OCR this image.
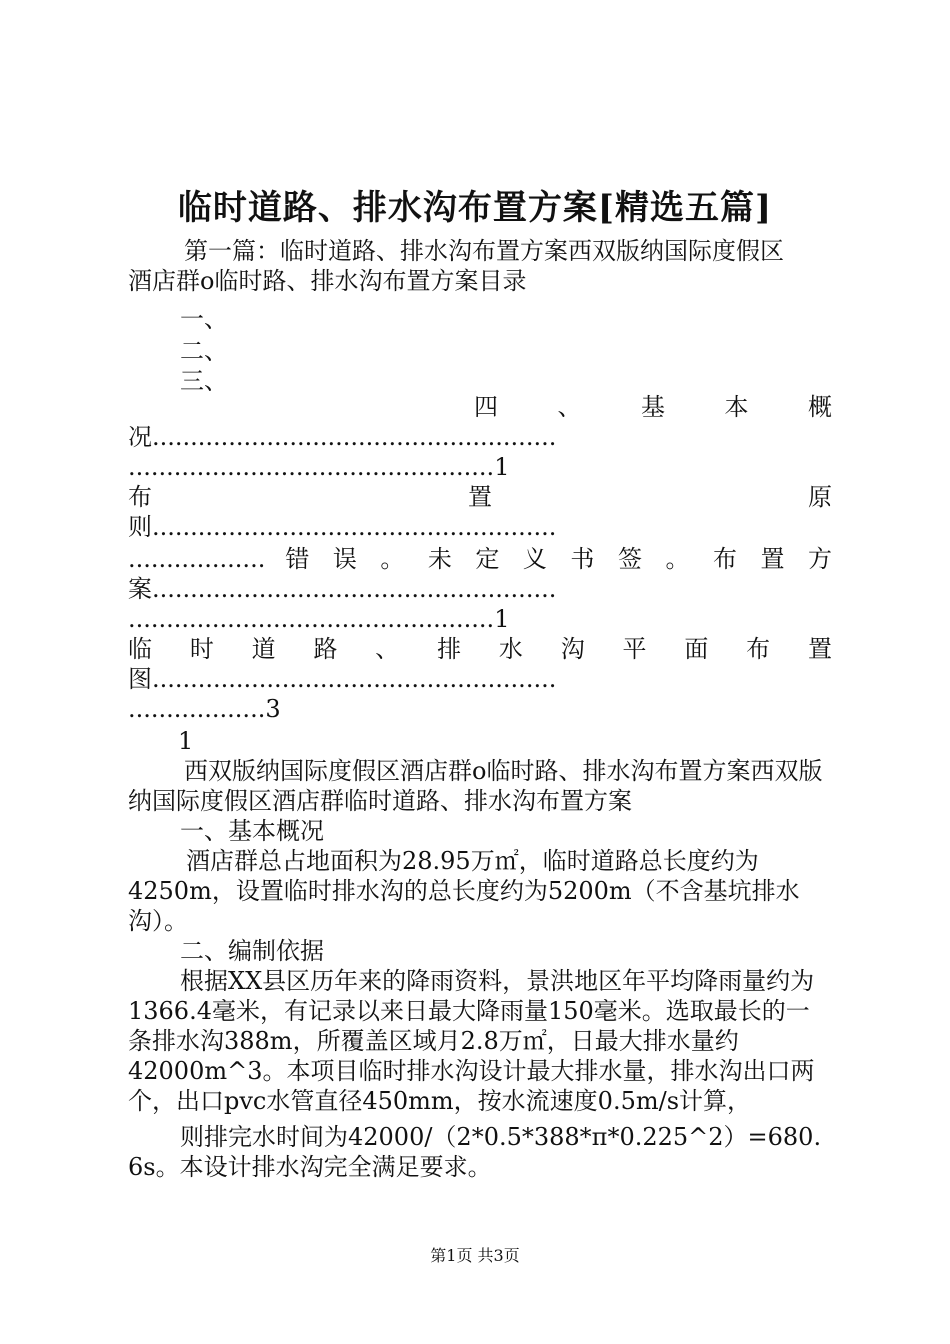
临时道路、排水沟布置方案[精选五篇]
第一篇：临时道路、排水沟布置方案西双版纳国际度假区
酒店群o临时路、排水沟布置方案目录
一、
二、
三、
四 、 基 本 概
况.....................................................
................................................1
布	置	原
则.....................................................
.................. 错 误 。 未 定 义 书 签 。 布 置 方
案.....................................................
................................................1
临 时 道 路 、 排 水 沟 平 面 布 置
图.....................................................
..................3
1
西双版纳国际度假区酒店群o临时路、排水沟布置方案西双版纳国际度假区酒店群临时道路、排水沟布置方案
一、基本概况
酒店群总占地面积为28.95万㎡，临时道路总长度约为4250m，设置临时排水沟的总长度约为5200m（不含基坑排水沟）。
二、编制依据
根据XX县区历年来的降雨资料，景洪地区年平均降雨量约为1366.4毫米，有记录以来日最大降雨量150毫米。选取最长的一条排水沟388m，所覆盖区域月2.8万㎡，日最大排水量约42000m^3。本项目临时排水沟设计最大排水量，排水沟出口两个，出口pvc水管直径450mm，按水流速度0.5m/s计算，
则排完水时间为42000/（2*0.5*388*π*0.225^2）=680.6s。本设计排水沟完全满足要求。
第1页 共3页
